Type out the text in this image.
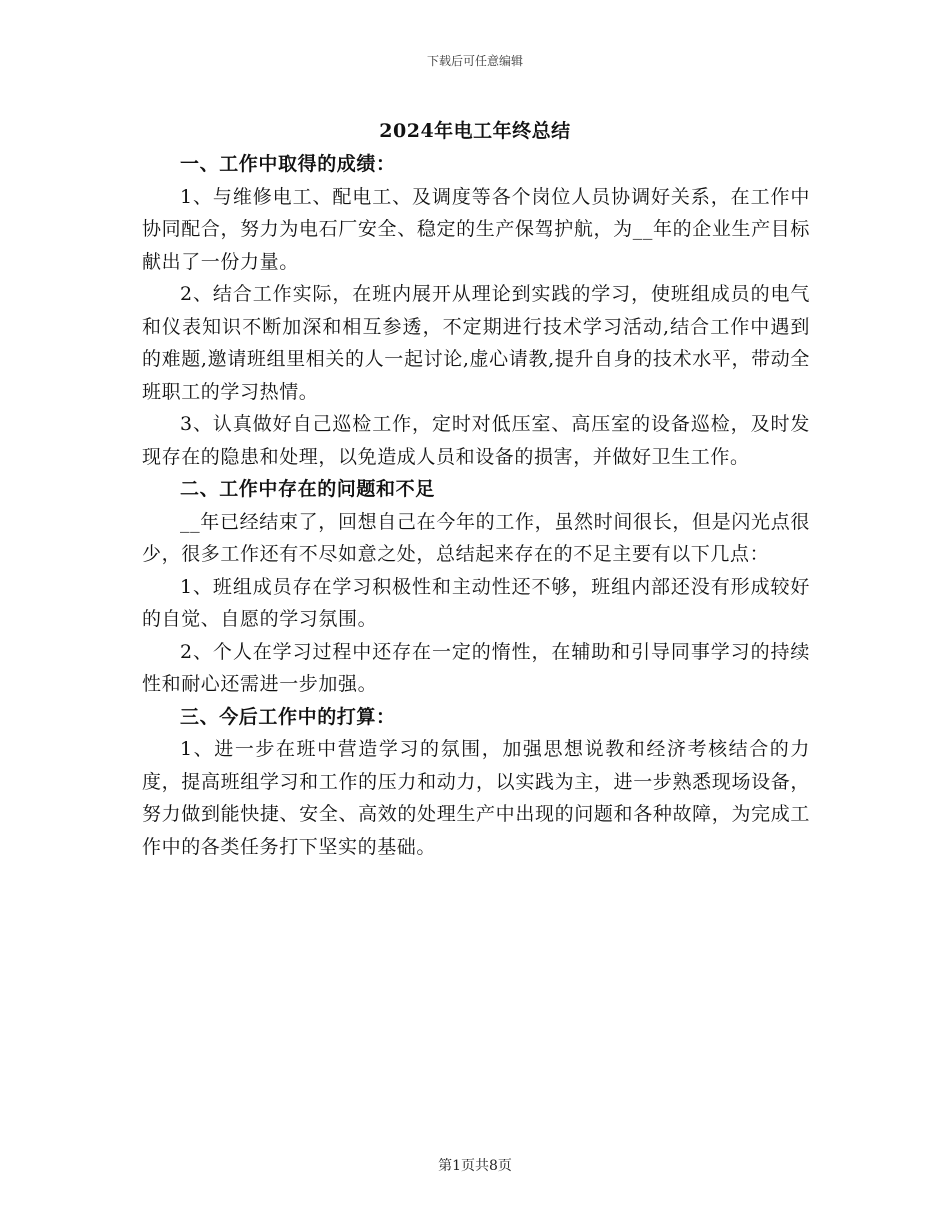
下载后可任意编辑
2024年电工年终总结
一、工作中取得的成绩：

1、与维修电工、配电工、及调度等各个岗位人员协调好关系，在工作中协同配合，努力为电石厂安全、稳定的生产保驾护航，为__年的企业生产目标献出了一份力量。

2、结合工作实际，在班内展开从理论到实践的学习，使班组成员的电气和仪表知识不断加深和相互参透，不定期进行技术学习活动,结合工作中遇到的难题,邀请班组里相关的人一起讨论,虚心请教,提升自身的技术水平，带动全班职工的学习热情。

3、认真做好自己巡检工作，定时对低压室、高压室的设备巡检，及时发现存在的隐患和处理，以免造成人员和设备的损害，并做好卫生工作。

二、工作中存在的问题和不足

__年已经结束了，回想自己在今年的工作，虽然时间很长，但是闪光点很少，很多工作还有不尽如意之处，总结起来存在的不足主要有以下几点：

1、班组成员存在学习积极性和主动性还不够，班组内部还没有形成较好的自觉、自愿的学习氛围。

2、个人在学习过程中还存在一定的惰性，在辅助和引导同事学习的持续性和耐心还需进一步加强。

三、今后工作中的打算：

1、进一步在班中营造学习的氛围，加强思想说教和经济考核结合的力度，提高班组学习和工作的压力和动力，以实践为主，进一步熟悉现场设备，努力做到能快捷、安全、高效的处理生产中出现的问题和各种故障，为完成工作中的各类任务打下坚实的基础。

第1页共8页
